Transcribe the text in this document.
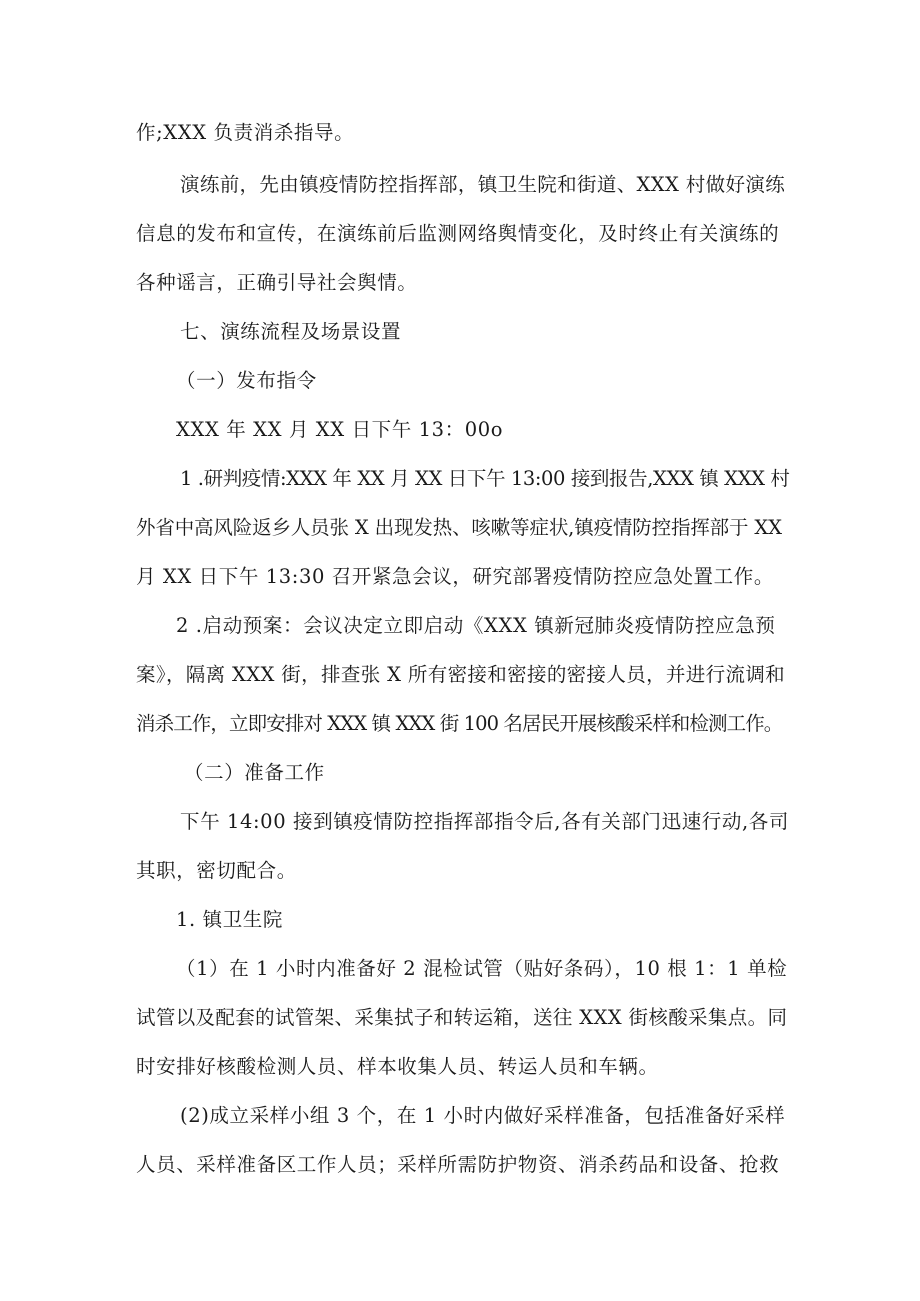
作;XXX 负责消杀指导。
演练前，先由镇疫情防控指挥部，镇卫生院和街道、XXX 村做好演练
信息的发布和宣传，在演练前后监测网络舆情变化，及时终止有关演练的
各种谣言，正确引导社会舆情。
七、演练流程及场景设置
（一）发布指令
XXX 年 XX 月 XX 日下午 13：00o
1 .研判疫情:XXX 年 XX 月 XX 日下午 13:00 接到报告,XXX 镇 XXX 村
外省中高风险返乡人员张 X 出现发热、咳嗽等症状,镇疫情防控指挥部于 XX
月 XX 日下午 13:30 召开紧急会议，研究部署疫情防控应急处置工作。
2 .启动预案：会议决定立即启动《XXX 镇新冠肺炎疫情防控应急预
案》，隔离 XXX 街，排查张 X 所有密接和密接的密接人员，并进行流调和
消杀工作，立即安排对 XXX 镇 XXX 街 100 名居民开展核酸采样和检测工作。
（二）准备工作
下午 14:00 接到镇疫情防控指挥部指令后,各有关部门迅速行动,各司
其职，密切配合。
1. 镇卫生院
（1）在 1 小时内准备好 2 混检试管（贴好条码），10 根 1：1 单检
试管以及配套的试管架、采集拭子和转运箱，送往 XXX 街核酸采集点。同
时安排好核酸检测人员、样本收集人员、转运人员和车辆。
(2)成立采样小组 3 个，在 1 小时内做好采样准备，包括准备好采样
人员、采样准备区工作人员；采样所需防护物资、消杀药品和设备、抢救
